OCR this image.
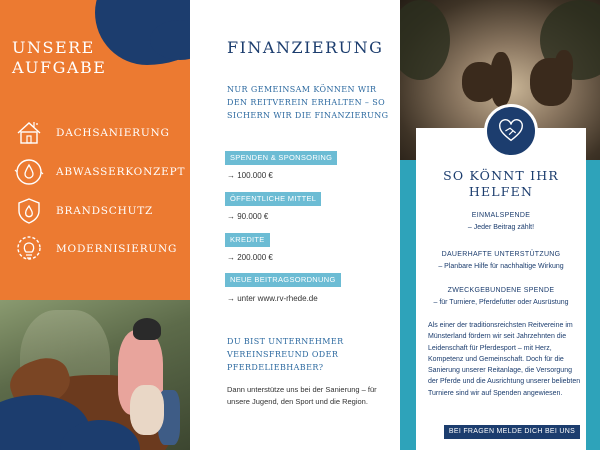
UNSERE AUFGABE
DACHSANIERUNG
ABWASSERKONZEPT
BRANDSCHUTZ
MODERNISIERUNG
FINANZIERUNG

NUR GEMEINSAM KÖNNEN WIR DEN REITVEREIN ERHALTEN – SO SICHERN WIR DIE FINANZIERUNG

SPENDEN & SPONSORING
→ 100.000 €
ÖFFENTLICHE MITTEL
→ 90.000 €
KREDITE
→ 200.000 €
NEUE BEITRAGSORDNUNG
→ unter www.rv-rhede.de

DU BIST UNTERNEHMER VEREINSFREUND ODER PFERDELIEBHABER?

Dann unterstütze uns bei der Sanierung – für unsere Jugend, den Sport und die Region.

SO KÖNNT IHR HELFEN
EINMALSPENDE
– Jeder Beitrag zählt!
DAUERHAFTE UNTERSTÜTZUNG
– Planbare Hilfe für nachhaltige Wirkung
ZWECKGEBUNDENE SPENDE
– für Turniere, Pferdefutter oder Ausrüstung

Als einer der traditionsreichsten Reitvereine im Münsterland fördern wir seit Jahrzehnten die Leidenschaft für Pferdesport – mit Herz, Kompetenz und Gemeinschaft. Doch für die Sanierung unserer Reitanlage, die Versorgung der Pferde und die Ausrichtung unserer beliebten Turniere sind wir auf Spenden angewiesen.

BEI FRAGEN MELDE DICH BEI UNS
